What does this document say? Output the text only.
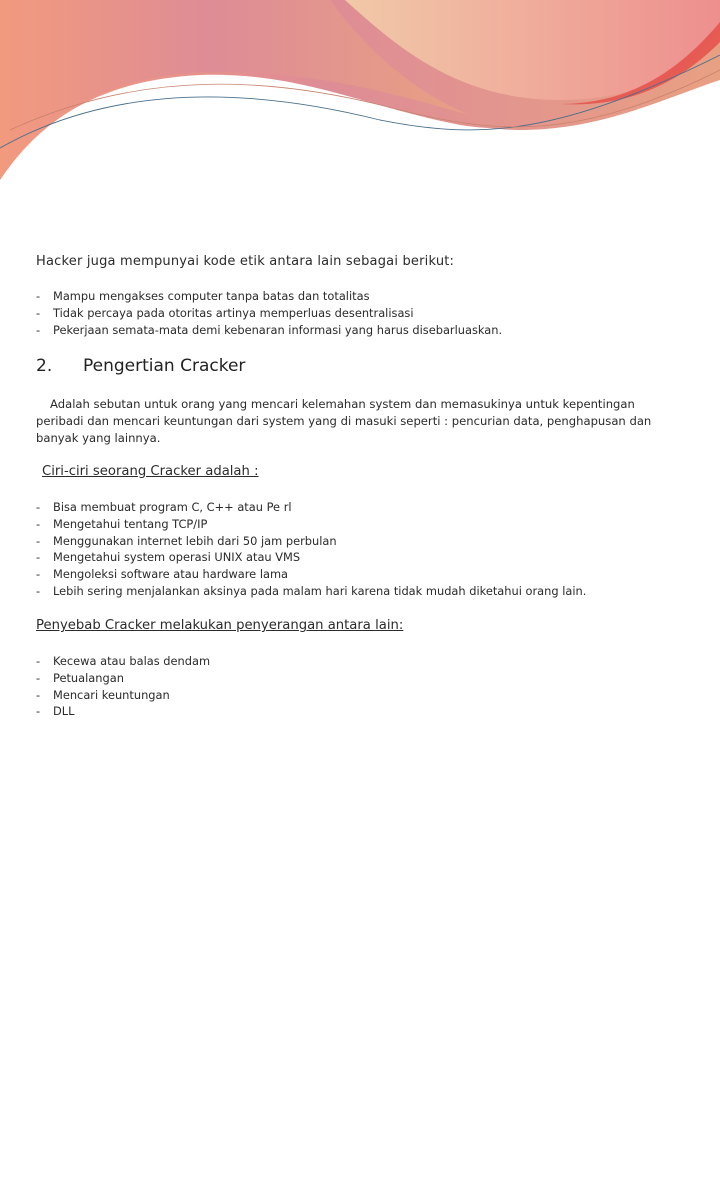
Hacker juga mempunyai kode etik antara lain sebagai berikut:

-	Mampu mengakses computer tanpa batas dan totalitas
-	Tidak percaya pada otoritas artinya memperluas desentralisasi
-	Pekerjaan semata-mata demi kebenaran informasi yang harus disebarluaskan.
2. Pengertian Cracker

Adalah sebutan untuk orang yang mencari kelemahan system dan memasukinya untuk kepentingan peribadi dan mencari keuntungan dari system yang di masuki seperti : pencurian data, penghapusan dan banyak yang lainnya.

Ciri-ciri seorang Cracker adalah :
-	Bisa membuat program C, C++ atau Pe rl
-	Mengetahui tentang TCP/IP
-	Menggunakan internet lebih dari 50 jam perbulan
-	Mengetahui system operasi UNIX atau VMS
-	Mengoleksi software atau hardware lama
-	Lebih sering menjalankan aksinya pada malam hari karena tidak mudah diketahui orang lain.
Penyebab Cracker melakukan penyerangan antara lain:
-	Kecewa atau balas dendam
-	Petualangan
-	Mencari keuntungan
-	DLL
